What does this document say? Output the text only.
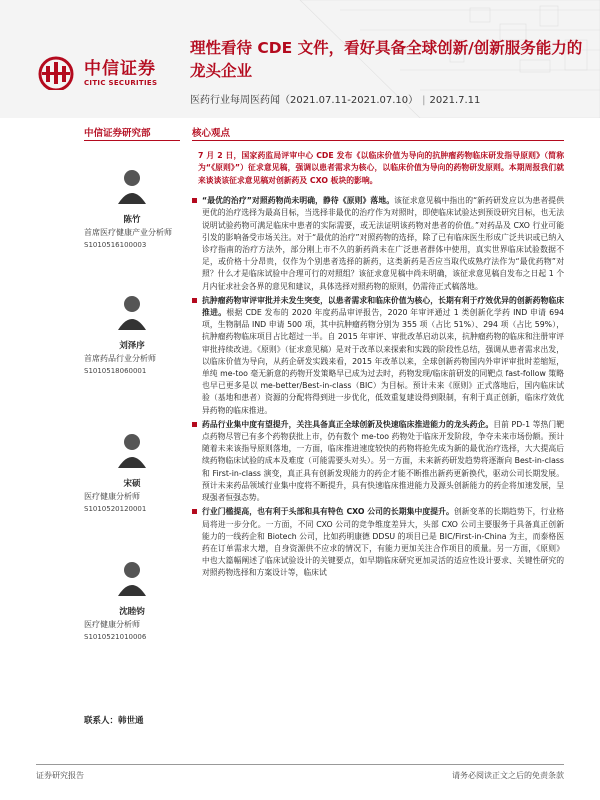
中信证券
CITIC SECURITIES
理性看待 CDE 文件，看好具备全球创新/创新服务能力的龙头企业
医药行业每周医药闻（2021.07.11-2021.07.10） | 2021.7.11
中信证券研究部	核心观点
陈竹
首席医疗健康产业分析师
S1010516100003
刘泽序
首席药品行业分析师
S1010518060001
宋硕
医疗健康分析师
S1010520120001
沈睦钧
医疗健康分析师
S1010521010006
联系人：韩世通
7 月 2 日，国家药监局评审中心 CDE 发布《以临床价值为导向的抗肿瘤药物临床研发指导原则》（简称为“《原则》”）征求意见稿，强调以患者需求为核心，以临床价值为导向的药物研发原则。本期周报我们就来谈谈该征求意见稿对创新药及 CXO 板块的影响。
“最优的治疗”对照药物尚未明确，静待《原则》落地。该征求意见稿中指出的“新药研发应以为患者提供更优的治疗选择为最高目标，当选择非最优的治疗作为对照时，即使临床试验达到预设研究目标，也无法说明试验药物可满足临床中患者的实际需要，或无法证明该药物对患者的价值。”对药品及 CXO 行业可能引发的影响备受市场关注。对于“最优的治疗”对照药物的选择，除了已有临床医生形成广泛共识或已纳入诊疗指南的治疗方法外，部分刚上市不久的新药尚未在广泛患者群体中使用，真实世界临床试验数据不足，或价格十分昂贵，仅作为个别患者选择的新药，这类新药是否应当取代成熟疗法作为“最优药物”对照？什么才是临床试验中合理可行的对照组？该征求意见稿中尚未明确，该征求意见稿自发布之日起 1 个月内征求社会各界的意见和建议，具体选择对照药物的原则，仍需待正式稿落地。
抗肿瘤药物审评审批并未发生突变，以患者需求和临床价值为核心，长期有利于疗效优异的创新药物临床推进。根据 CDE 发布的 2020 年度药品审评报告，2020 年审评通过 1 类创新化学药 IND 申请 694 项，生物制品 IND 申请 500 项，其中抗肿瘤药物分别为 355 项（占比 51%）、294 项（占比 59%），抗肿瘤药物临床项目占比超过一半。自 2015 年审评、审批改革启动以来，抗肿瘤药物的临床和注册审评审批持续改进。《原则》（征求意见稿）是对于改革以来探索和实践的阶段性总结，强调从患者需求出发，以临床价值为导向，从药企研发实践来看，2015 年改革以来，全球创新药物国内外审评审批时差缩短，单纯 me-too 毫无新意的药物开发策略早已成为过去时，药物发现/临床前研发的同靶点 fast-follow 策略也早已更多是以 me-better/Best-in-class（BIC）为目标。预计未来《原则》正式落地后，国内临床试验（基地和患者）资源的分配将得到进一步优化，低效重复建设得到限制，有利于真正创新，临床疗效优异药物的临床推进。
药品行业集中度有望提升，关注具备真正全球创新及快速临床推进能力的龙头药企。目前 PD-1 等热门靶点药物尽管已有多个药物获批上市，仍有数个 me-too 药物处于临床开发阶段，争夺未来市场份额。预计随着未来该指导原则落地，一方面，临床推进速度较快的药物将抢先成为新的最优治疗选择，大大提高后续药物临床试验的成本及难度（可能需要头对头）。另一方面，未来新药研发趋势将逐渐向 Best-in-class 和 First-in-class 演变，真正具有创新发现能力的药企才能不断推出新药更新换代，驱动公司长期发展。预计未来药品领域行业集中度将不断提升，具有快速临床推进能力及源头创新能力的药企将加速发展，呈现强者恒强态势。
行业门槛提高，也有利于头部和具有特色 CXO 公司的长期集中度提升。创新变革的长期趋势下，行业格局将进一步分化。一方面，不同 CXO 公司的竞争维度差异大，头部 CXO 公司主要服务于具备真正创新能力的一线药企和 Biotech 公司，比如药明康德 DDSU 的项目已是 BIC/First-in-China 为主，而泰格医药在订单需求大增，自身资源供不应求的情况下，有能力更加关注合作项目的质量。另一方面，《原则》中也大篇幅阐述了临床试验设计的关键要点，如早期临床研究更加灵活的适应性设计要求、关键性研究的对照药物选择和方案设计等，临床试
证券研究报告	请务必阅读正文之后的免责条款
